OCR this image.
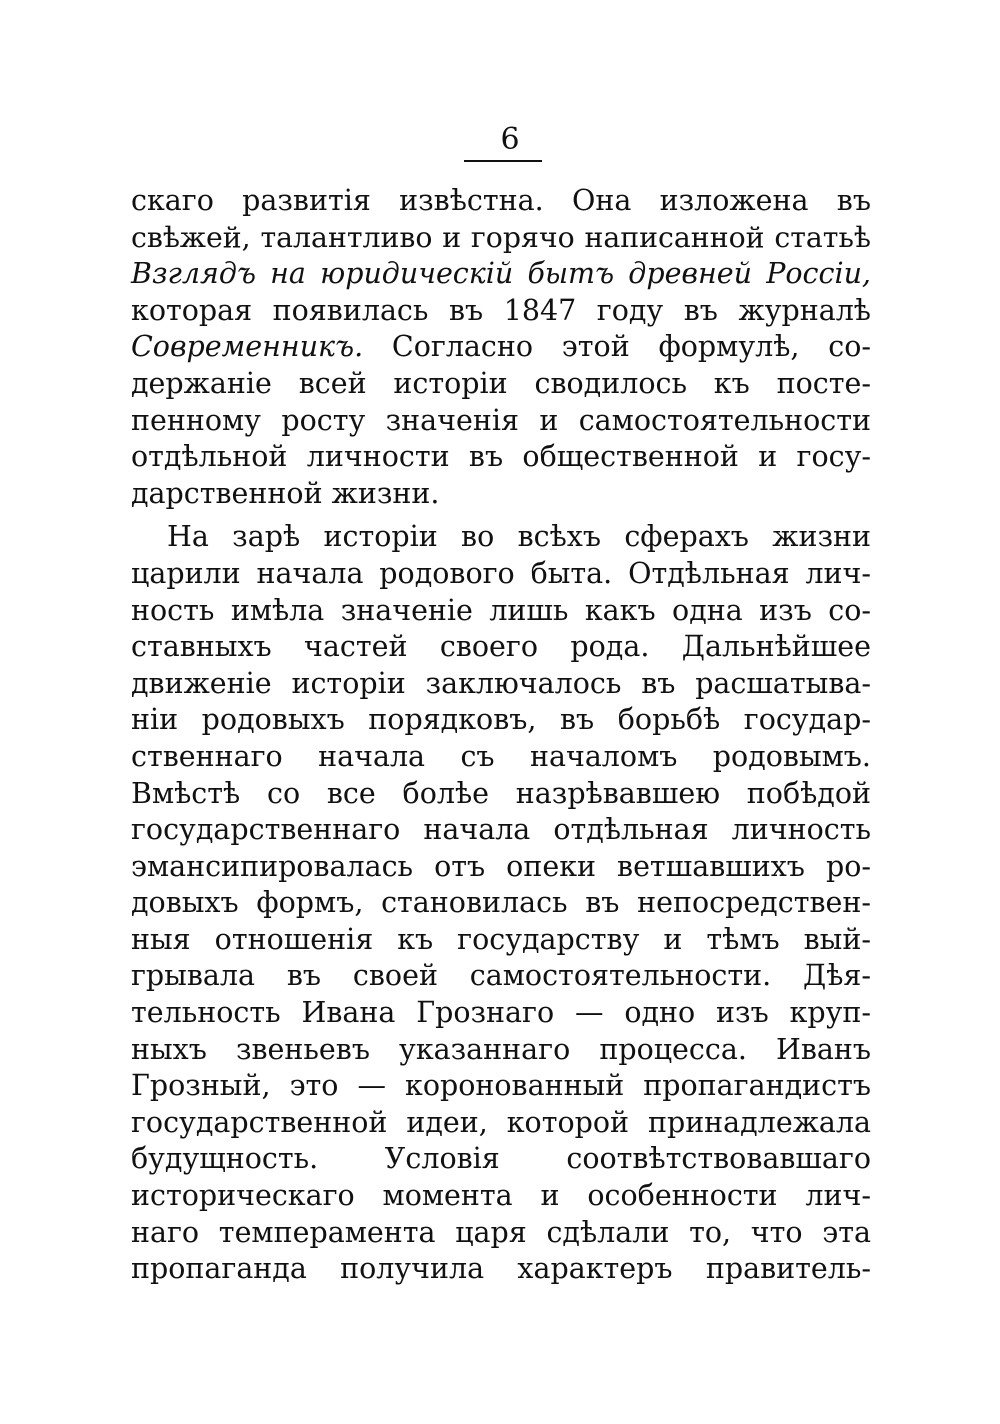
6
скаго развитія извѣстна. Она изложена въ
свѣжей, талантливо и горячо написанной статьѣ
Взглядъ на юридическій бытъ древней Россіи,
которая появилась въ 1847 году въ журналѣ
Современникъ. Согласно этой формулѣ, со-
держаніе всей исторіи сводилось къ посте-
пенному росту значенія и самостоятельности
отдѣльной личности въ общественной и госу-
дарственной жизни.
На зарѣ исторіи во всѣхъ сферахъ жизни
царили начала родового быта. Отдѣльная лич-
ность имѣла значеніе лишь какъ одна изъ со-
ставныхъ частей своего рода. Дальнѣйшее
движеніе исторіи заключалось въ расшатыва-
ніи родовыхъ порядковъ, въ борьбѣ государ-
ственнаго начала съ началомъ родовымъ.
Вмѣстѣ со все болѣе назрѣвавшею побѣдой
государственнаго начала отдѣльная личность
эмансипировалась отъ опеки ветшавшихъ ро-
довыхъ формъ, становилась въ непосредствен-
ныя отношенія къ государству и тѣмъ вый-
грывала въ своей самостоятельности. Дѣя-
тельность Ивана Грознаго — одно изъ круп-
ныхъ звеньевъ указаннаго процесса. Иванъ
Грозный, это — коронованный пропагандистъ
государственной идеи, которой принадлежала
будущность. Условія соотвѣтствовавшаго
историческаго момента и особенности лич-
наго темперамента царя сдѣлали то, что эта
пропаганда получила характеръ правитель-
